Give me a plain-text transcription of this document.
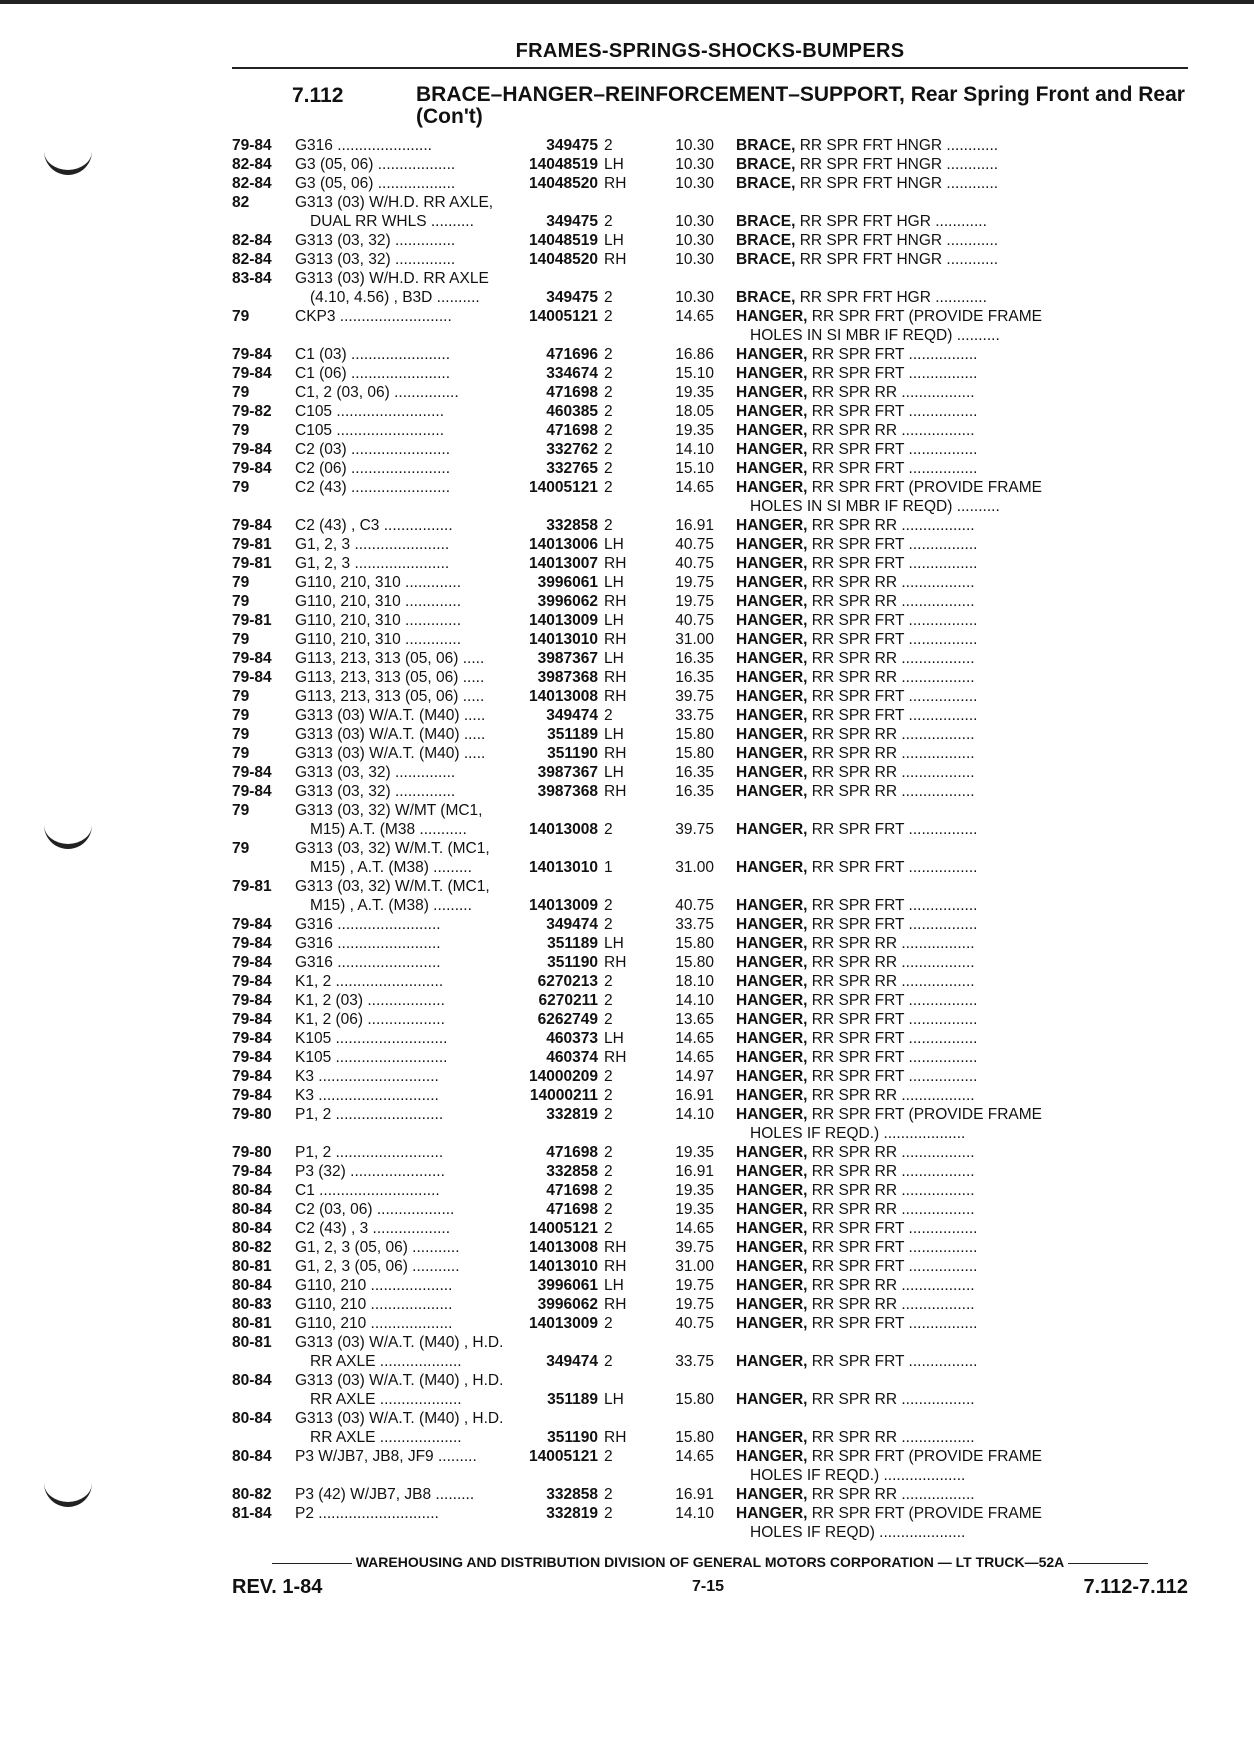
FRAMES-SPRINGS-SHOCKS-BUMPERS
7.112	BRACE–HANGER–REINFORCEMENT–SUPPORT, Rear Spring Front and Rear (Con't)
79-84	G316 ......................	349475 2	10.30 BRACE, RR SPR FRT HNGR ............
82-84	G3 (05, 06) ..................	14048519 LH	10.30 BRACE, RR SPR FRT HNGR ............
82-84	G3 (05, 06) ..................	14048520 RH	10.30 BRACE, RR SPR FRT HNGR ............
82	G313 (03) W/H.D. RR AXLE,
DUAL RR WHLS ..........	349475 2	10.30 BRACE, RR SPR FRT HGR ............
82-84	G313 (03, 32) ..............	14048519 LH	10.30 BRACE, RR SPR FRT HNGR ............
82-84	G313 (03, 32) ..............	14048520 RH	10.30 BRACE, RR SPR FRT HNGR ............
83-84	G313 (03) W/H.D. RR AXLE
(4.10, 4.56) , B3D ..........	349475 2	10.30 BRACE, RR SPR FRT HGR ............
79	CKP3 ..........................	14005121 2	14.65 HANGER, RR SPR FRT (PROVIDE FRAME
HOLES IN SI MBR IF REQD) ..........
79-84	C1 (03) .......................	471696 2	16.86 HANGER, RR SPR FRT ................
79-84	C1 (06) .......................	334674 2	15.10 HANGER, RR SPR FRT ................
79	C1, 2 (03, 06) ...............	471698 2	19.35 HANGER, RR SPR RR .................
79-82	C105 .........................	460385 2	18.05 HANGER, RR SPR FRT ................
79	C105 .........................	471698 2	19.35 HANGER, RR SPR RR .................
79-84	C2 (03) .......................	332762 2	14.10 HANGER, RR SPR FRT ................
79-84	C2 (06) .......................	332765 2	15.10 HANGER, RR SPR FRT ................
79	C2 (43) .......................	14005121 2	14.65 HANGER, RR SPR FRT (PROVIDE FRAME
HOLES IN SI MBR IF REQD) ..........
79-84	C2 (43) , C3 ................	332858 2	16.91 HANGER, RR SPR RR .................
79-81	G1, 2, 3 ......................	14013006 LH	40.75 HANGER, RR SPR FRT ................
79-81	G1, 2, 3 ......................	14013007 RH	40.75 HANGER, RR SPR FRT ................
79	G110, 210, 310 .............	3996061 LH	19.75 HANGER, RR SPR RR .................
79	G110, 210, 310 .............	3996062 RH	19.75 HANGER, RR SPR RR .................
79-81	G110, 210, 310 .............	14013009 LH	40.75 HANGER, RR SPR FRT ................
79	G110, 210, 310 .............	14013010 RH	31.00 HANGER, RR SPR FRT ................
79-84	G113, 213, 313 (05, 06) .....	3987367 LH	16.35 HANGER, RR SPR RR .................
79-84	G113, 213, 313 (05, 06) .....	3987368 RH	16.35 HANGER, RR SPR RR .................
79	G113, 213, 313 (05, 06) .....	14013008 RH	39.75 HANGER, RR SPR FRT ................
79	G313 (03) W/A.T. (M40) .....	349474 2	33.75 HANGER, RR SPR FRT ................
79	G313 (03) W/A.T. (M40) .....	351189 LH	15.80 HANGER, RR SPR RR .................
79	G313 (03) W/A.T. (M40) .....	351190 RH	15.80 HANGER, RR SPR RR .................
79-84	G313 (03, 32) ..............	3987367 LH	16.35 HANGER, RR SPR RR .................
79-84	G313 (03, 32) ..............	3987368 RH	16.35 HANGER, RR SPR RR .................
79	G313 (03, 32) W/MT (MC1,
M15) A.T. (M38 ...........	14013008 2	39.75 HANGER, RR SPR FRT ................
79	G313 (03, 32) W/M.T. (MC1,
M15) , A.T. (M38) .........	14013010 1	31.00 HANGER, RR SPR FRT ................
79-81	G313 (03, 32) W/M.T. (MC1,
M15) , A.T. (M38) .........	14013009 2	40.75 HANGER, RR SPR FRT ................
79-84	G316 ........................	349474 2	33.75 HANGER, RR SPR FRT ................
79-84	G316 ........................	351189 LH	15.80 HANGER, RR SPR RR .................
79-84	G316 ........................	351190 RH	15.80 HANGER, RR SPR RR .................
79-84	K1, 2 .........................	6270213 2	18.10 HANGER, RR SPR RR .................
79-84	K1, 2 (03) ..................	6270211 2	14.10 HANGER, RR SPR FRT ................
79-84	K1, 2 (06) ..................	6262749 2	13.65 HANGER, RR SPR FRT ................
79-84	K105 ..........................	460373 LH	14.65 HANGER, RR SPR FRT ................
79-84	K105 ..........................	460374 RH	14.65 HANGER, RR SPR FRT ................
79-84	K3 ............................	14000209 2	14.97 HANGER, RR SPR FRT ................
79-84	K3 ............................	14000211 2	16.91 HANGER, RR SPR RR .................
79-80	P1, 2 .........................	332819 2	14.10 HANGER, RR SPR FRT (PROVIDE FRAME
HOLES IF REQD.) ...................
79-80	P1, 2 .........................	471698 2	19.35 HANGER, RR SPR RR .................
79-84	P3 (32) ......................	332858 2	16.91 HANGER, RR SPR RR .................
80-84	C1 ............................	471698 2	19.35 HANGER, RR SPR RR .................
80-84	C2 (03, 06) ..................	471698 2	19.35 HANGER, RR SPR RR .................
80-84	C2 (43) , 3 ..................	14005121 2	14.65 HANGER, RR SPR FRT ................
80-82	G1, 2, 3 (05, 06) ...........	14013008 RH	39.75 HANGER, RR SPR FRT ................
80-81	G1, 2, 3 (05, 06) ...........	14013010 RH	31.00 HANGER, RR SPR FRT ................
80-84	G110, 210 ...................	3996061 LH	19.75 HANGER, RR SPR RR .................
80-83	G110, 210 ...................	3996062 RH	19.75 HANGER, RR SPR RR .................
80-81	G110, 210 ...................	14013009 2	40.75 HANGER, RR SPR FRT ................
80-81	G313 (03) W/A.T. (M40) , H.D.
RR AXLE ...................	349474 2	33.75 HANGER, RR SPR FRT ................
80-84	G313 (03) W/A.T. (M40) , H.D.
RR AXLE ...................	351189 LH	15.80 HANGER, RR SPR RR .................
80-84	G313 (03) W/A.T. (M40) , H.D.
RR AXLE ...................	351190 RH	15.80 HANGER, RR SPR RR .................
80-84	P3 W/JB7, JB8, JF9 .........	14005121 2	14.65 HANGER, RR SPR FRT (PROVIDE FRAME
HOLES IF REQD.) ...................
80-82	P3 (42) W/JB7, JB8 .........	332858 2	16.91 HANGER, RR SPR RR .................
81-84	P2 ............................	332819 2	14.10 HANGER, RR SPR FRT (PROVIDE FRAME
HOLES IF REQD) ....................
WAREHOUSING AND DISTRIBUTION DIVISION OF GENERAL MOTORS CORPORATION — LT TRUCK—52A
REV. 1-84	7-15	7.112-7.112
